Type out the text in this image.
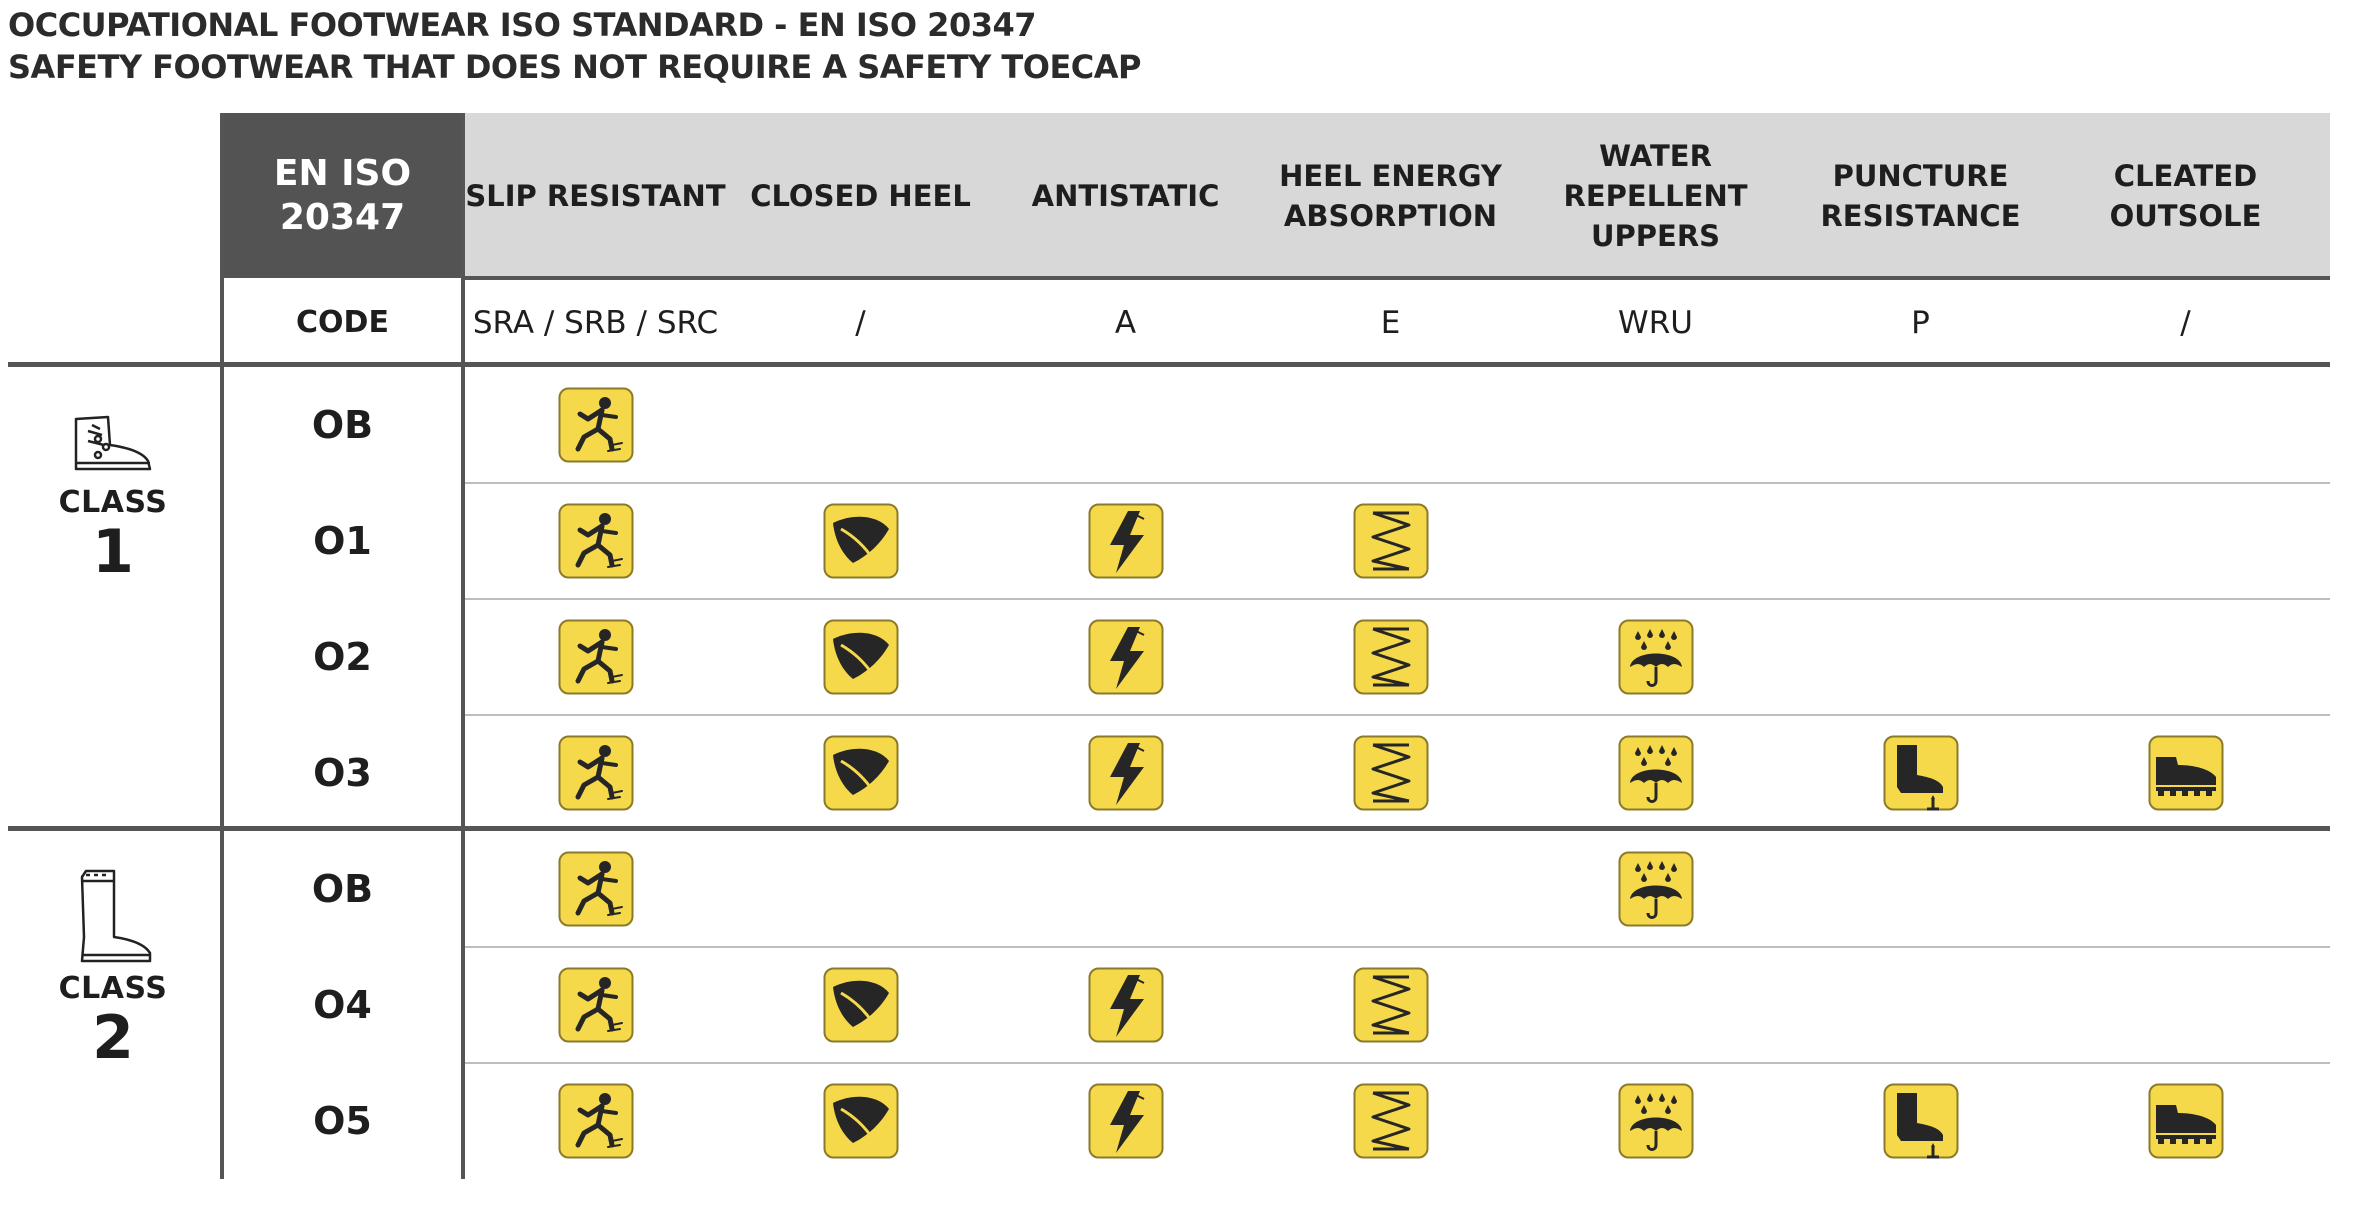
OCCUPATIONAL FOOTWEAR ISO STANDARD - EN ISO 20347
SAFETY FOOTWEAR THAT DOES NOT REQUIRE A SAFETY TOECAP
EN ISO
20347
CODE
SLIP RESISTANT
SRA / SRB / SRC
CLOSED HEEL
/
ANTISTATIC
A
HEEL ENERGY
ABSORPTION
E
WATER
REPELLENT
UPPERS
WRU
PUNCTURE
RESISTANCE
P
CLEATED
OUTSOLE
/
OB
O1
O2
O3
CLASS
1
OB
O4
O5
CLASS
2
